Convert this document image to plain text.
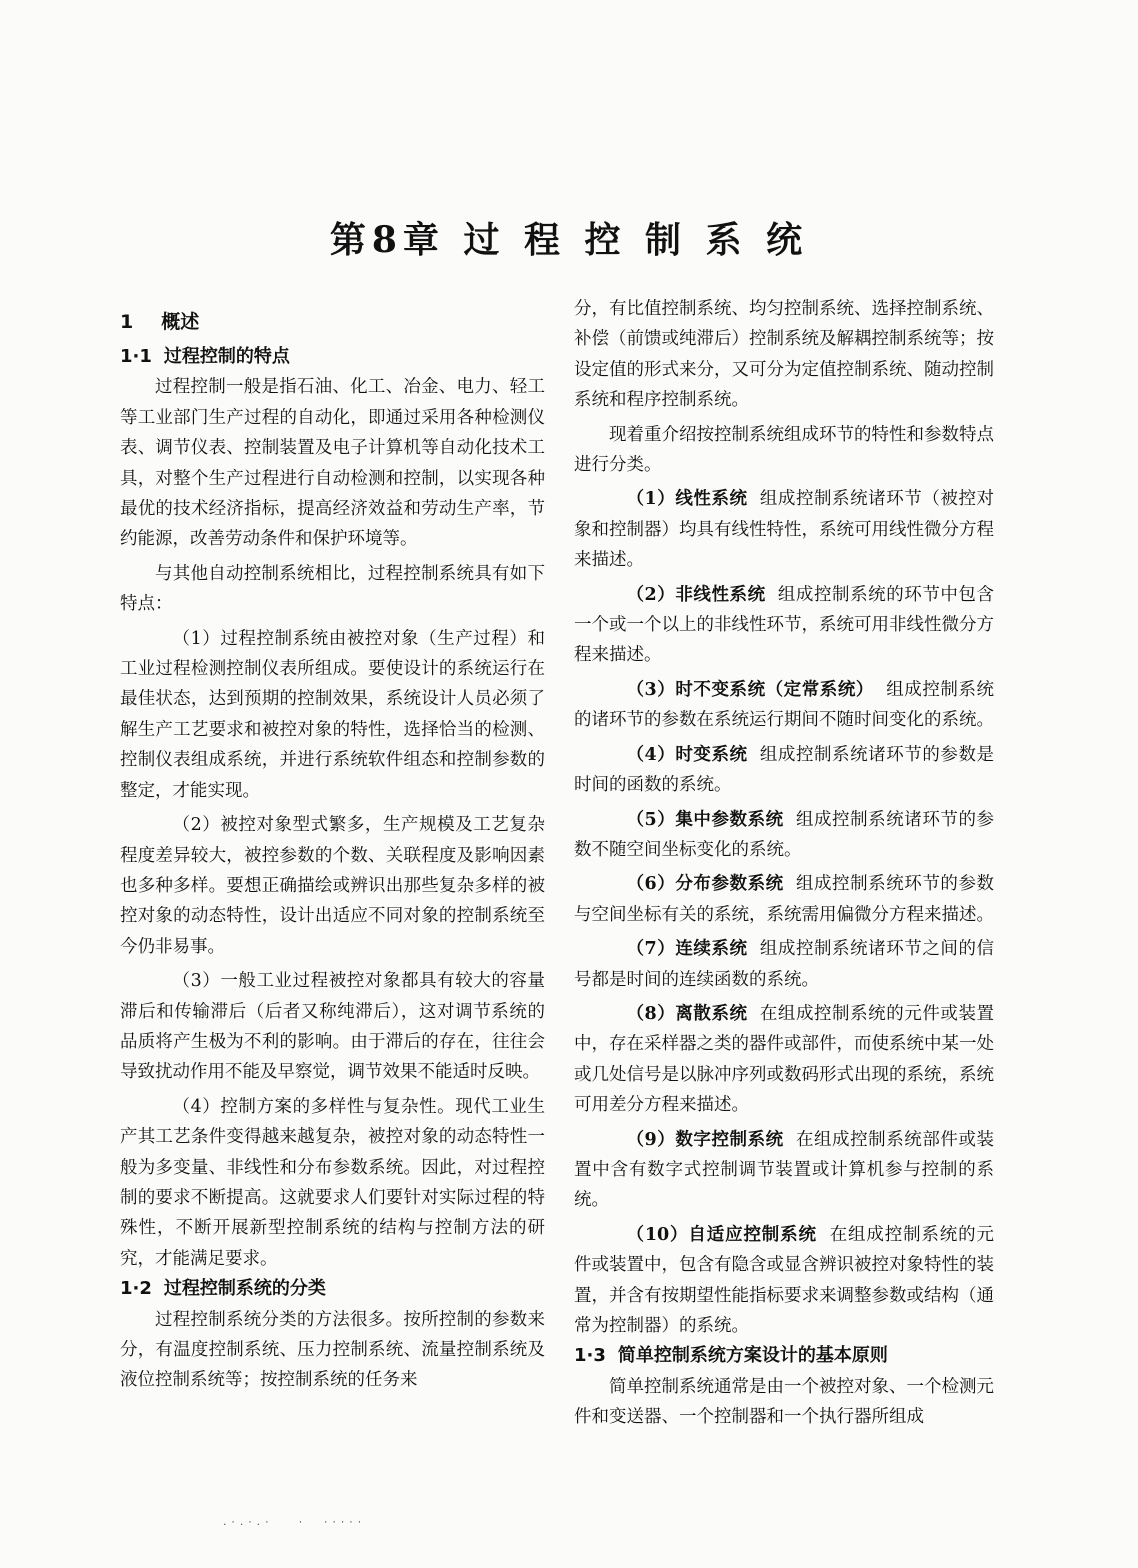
第8章 过 程 控 制 系 统
1 概述
1·1 过程控制的特点

过程控制一般是指石油、化工、冶金、电力、轻工等工业部门生产过程的自动化，即通过采用各种检测仪表、调节仪表、控制装置及电子计算机等自动化技术工具，对整个生产过程进行自动检测和控制，以实现各种最优的技术经济指标，提高经济效益和劳动生产率，节约能源，改善劳动条件和保护环境等。

与其他自动控制系统相比，过程控制系统具有如下特点：

（1）过程控制系统由被控对象（生产过程）和工业过程检测控制仪表所组成。要使设计的系统运行在最佳状态，达到预期的控制效果，系统设计人员必须了解生产工艺要求和被控对象的特性，选择恰当的检测、控制仪表组成系统，并进行系统软件组态和控制参数的整定，才能实现。

（2）被控对象型式繁多，生产规模及工艺复杂程度差异较大，被控参数的个数、关联程度及影响因素也多种多样。要想正确描绘或辨识出那些复杂多样的被控对象的动态特性，设计出适应不同对象的控制系统至今仍非易事。

（3）一般工业过程被控对象都具有较大的容量滞后和传输滞后（后者又称纯滞后），这对调节系统的品质将产生极为不利的影响。由于滞后的存在，往往会导致扰动作用不能及早察觉，调节效果不能适时反映。

（4）控制方案的多样性与复杂性。现代工业生产其工艺条件变得越来越复杂，被控对象的动态特性一般为多变量、非线性和分布参数系统。因此，对过程控制的要求不断提高。这就要求人们要针对实际过程的特殊性，不断开展新型控制系统的结构与控制方法的研究，才能满足要求。

1·2 过程控制系统的分类

过程控制系统分类的方法很多。按所控制的参数来分，有温度控制系统、压力控制系统、流量控制系统及液位控制系统等；按控制系统的任务来

分，有比值控制系统、均匀控制系统、选择控制系统、补偿（前馈或纯滞后）控制系统及解耦控制系统等；按设定值的形式来分，又可分为定值控制系统、随动控制系统和程序控制系统。

现着重介绍按控制系统组成环节的特性和参数特点进行分类。

（1）线性系统 组成控制系统诸环节（被控对象和控制器）均具有线性特性，系统可用线性微分方程来描述。

（2）非线性系统 组成控制系统的环节中包含一个或一个以上的非线性环节，系统可用非线性微分方程来描述。

（3）时不变系统（定常系统） 组成控制系统的诸环节的参数在系统运行期间不随时间变化的系统。

（4）时变系统 组成控制系统诸环节的参数是时间的函数的系统。

（5）集中参数系统 组成控制系统诸环节的参数不随空间坐标变化的系统。

（6）分布参数系统 组成控制系统环节的参数与空间坐标有关的系统，系统需用偏微分方程来描述。

（7）连续系统 组成控制系统诸环节之间的信号都是时间的连续函数的系统。

（8）离散系统 在组成控制系统的元件或装置中，存在采样器之类的器件或部件，而使系统中某一处或几处信号是以脉冲序列或数码形式出现的系统，系统可用差分方程来描述。

（9）数字控制系统 在组成控制系统部件或装置中含有数字式控制调节装置或计算机参与控制的系统。

（10）自适应控制系统 在组成控制系统的元件或装置中，包含有隐含或显含辨识被控对象特性的装置，并含有按期望性能指标要求来调整参数或结构（通常为控制器）的系统。

1·3 简单控制系统方案设计的基本原则

简单控制系统通常是由一个被控对象、一个检测元件和变送器、一个控制器和一个执行器所组成

.·.·.·   ·  ·····
